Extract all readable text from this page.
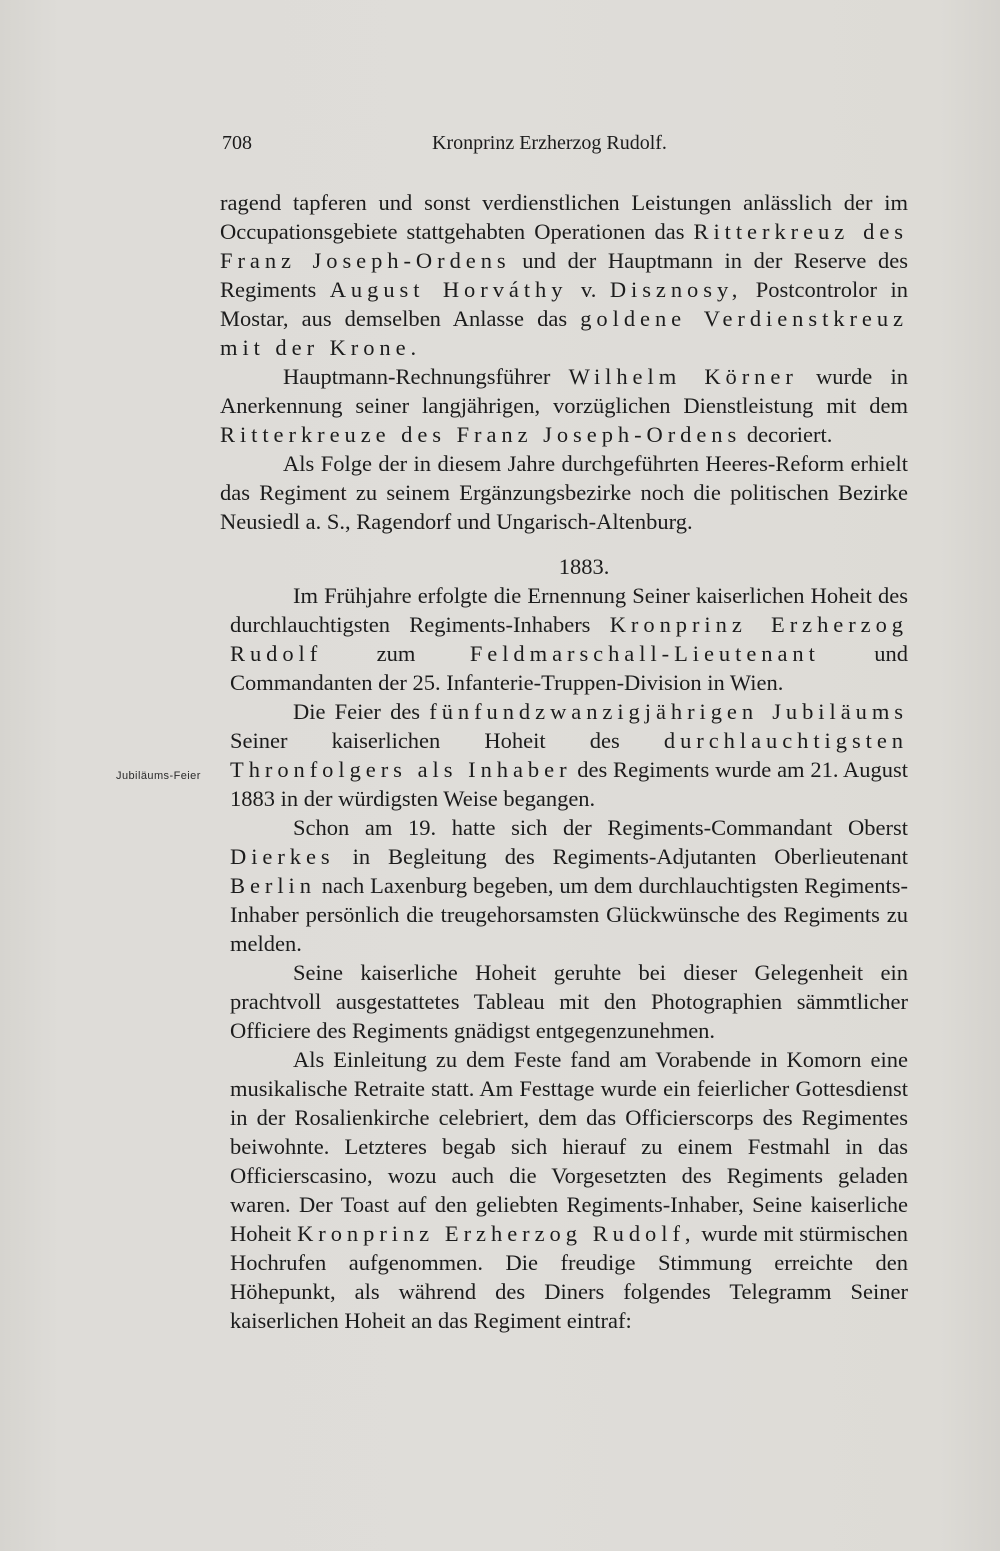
708	Kronprinz Erzherzog Rudolf.
Jubiläums-Feier

ragend tapferen und sonst verdienstlichen Leistungen anlässlich der im Occupationsgebiete stattgehabten Operationen das Ritterkreuz des Franz Joseph-Ordens und der Hauptmann in der Reserve des Regiments August Horváthy v. Disznosy, Postcontrolor in Mostar, aus demselben Anlasse das goldene Verdienstkreuz mit der Krone.

Hauptmann-Rechnungsführer Wilhelm Körner wurde in Anerkennung seiner langjährigen, vorzüglichen Dienstleistung mit dem Ritterkreuze des Franz Joseph-Ordens decoriert.

Als Folge der in diesem Jahre durchgeführten Heeres-Reform erhielt das Regiment zu seinem Ergänzungsbezirke noch die politischen Bezirke Neusiedl a. S., Ragendorf und Ungarisch-Altenburg.

1883.

Im Frühjahre erfolgte die Ernennung Seiner kaiserlichen Hoheit des durchlauchtigsten Regiments-Inhabers Kronprinz Erzherzog Rudolf zum Feldmarschall-Lieutenant und Commandanten der 25. Infanterie-Truppen-Division in Wien.

Die Feier des fünfundzwanzigjährigen Jubiläums Seiner kaiserlichen Hoheit des durchlauchtigsten Thronfolgers als Inhaber des Regiments wurde am 21. August 1883 in der würdigsten Weise begangen.

Schon am 19. hatte sich der Regiments-Commandant Oberst Dierkes in Begleitung des Regiments-Adjutanten Oberlieutenant Berlin nach Laxenburg begeben, um dem durchlauchtigsten Regiments-Inhaber persönlich die treugehorsamsten Glückwünsche des Regiments zu melden.

Seine kaiserliche Hoheit geruhte bei dieser Gelegenheit ein prachtvoll ausgestattetes Tableau mit den Photographien sämmtlicher Officiere des Regiments gnädigst entgegenzunehmen.

Als Einleitung zu dem Feste fand am Vorabende in Komorn eine musikalische Retraite statt. Am Festtage wurde ein feierlicher Gottesdienst in der Rosalienkirche celebriert, dem das Officierscorps des Regimentes beiwohnte. Letzteres begab sich hierauf zu einem Festmahl in das Officierscasino, wozu auch die Vorgesetzten des Regiments geladen waren. Der Toast auf den geliebten Regiments-Inhaber, Seine kaiserliche Hoheit Kronprinz Erzherzog Rudolf, wurde mit stürmischen Hochrufen aufgenommen. Die freudige Stimmung erreichte den Höhepunkt, als während des Diners folgendes Telegramm Seiner kaiserlichen Hoheit an das Regiment eintraf:
